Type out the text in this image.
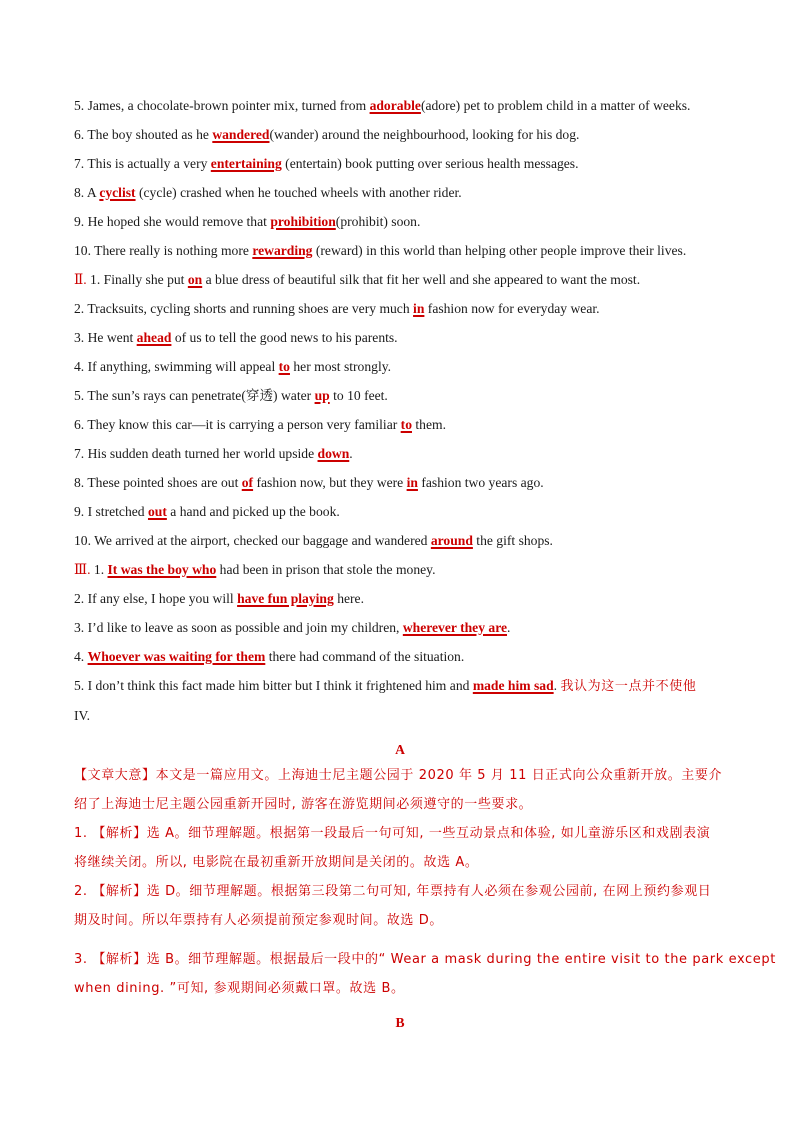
5. James, a chocolate-brown pointer mix, turned from adorable(adore) pet to problem child in a matter of weeks.
6. The boy shouted as he wandered(wander) around the neighbourhood, looking for his dog.
7. This is actually a very entertaining (entertain) book putting over serious health messages.
8. A cyclist (cycle) crashed when he touched wheels with another rider.
9. He hoped she would remove that prohibition(prohibit) soon.
10. There really is nothing more rewarding (reward) in this world than helping other people improve their lives.
Ⅱ. 1. Finally she put on a blue dress of beautiful silk that fit her well and she appeared to want the most.
2. Tracksuits, cycling shorts and running shoes are very much in fashion now for everyday wear.
3. He went ahead of us to tell the good news to his parents.
4. If anything, swimming will appeal to her most strongly.
5. The sun’s rays can penetrate(穿透) water up to 10 feet.
6. They know this car—it is carrying a person very familiar to them.
7. His sudden death turned her world upside down.
8. These pointed shoes are out of fashion now, but they were in fashion two years ago.
9. I stretched out a hand and picked up the book.
10. We arrived at the airport, checked our baggage and wandered around the gift shops.
Ⅲ. 1. It was the boy who had been in prison that stole the money.
2. If any else, I hope you will have fun playing here.
3. I’d like to leave as soon as possible and join my children, wherever they are.
4. Whoever was waiting for them there had command of the situation.
5. I don’t think this fact made him bitter but I think it frightened him and made him sad. 我认为这一点并不使他
IV.
A
【文章大意】本文是一篇应用文。上海迪士尼主题公园于 2020 年 5 月 11 日正式向公众重新开放。主要介
绍了上海迪士尼主题公园重新开园时, 游客在游览期间必须遵守的一些要求。
1. 【解析】选 A。细节理解题。根据第一段最后一句可知, 一些互动景点和体验, 如儿童游乐区和戏剧表演
将继续关闭。所以, 电影院在最初重新开放期间是关闭的。故选 A。
2. 【解析】选 D。细节理解题。根据第三段第二句可知, 年票持有人必须在参观公园前, 在网上预约参观日
期及时间。所以年票持有人必须提前预定参观时间。故选 D。
3. 【解析】选 B。细节理解题。根据最后一段中的“ Wear a mask during the entire visit to the park except
when dining. ”可知, 参观期间必须戴口罩。故选 B。
B
